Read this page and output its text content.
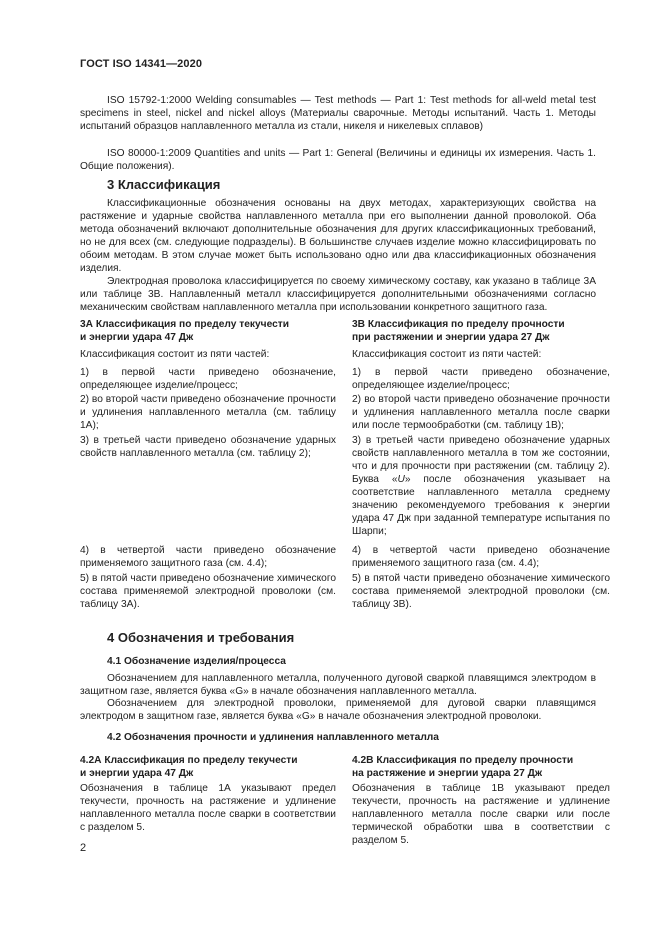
ГОСТ ISO 14341—2020
ISO 15792-1:2000 Welding consumables — Test methods — Part 1: Test methods for all-weld metal test specimens in steel, nickel and nickel alloys (Материалы сварочные. Методы испытаний. Часть 1. Методы испытаний образцов наплавленного металла из стали, никеля и никелевых сплавов)
ISO 80000-1:2009 Quantities and units — Part 1: General (Величины и единицы их измерения. Часть 1. Общие положения).
3 Классификация
Классификационные обозначения основаны на двух методах, характеризующих свойства на растяжение и ударные свойства наплавленного металла при его выполнении данной проволокой. Оба метода обозначений включают дополнительные обозначения для других классификационных требований, но не для всех (см. следующие подразделы). В большинстве случаев изделие можно классифицировать по обоим методам. В этом случае может быть использовано одно или два классификационных обозначения изделия.
Электродная проволока классифицируется по своему химическому составу, как указано в таблице 3А или таблице 3В. Наплавленный металл классифицируется дополнительными обозначениями согласно механическим свойствам наплавленного металла при использовании конкретного защитного газа.
3А Классификация по пределу текучести
и энергии удара 47 Дж
3В Классификация по пределу прочности
при растяжении и энергии удара 27 Дж
Классификация состоит из пяти частей:
1) в первой части приведено обозначение, определяющее изделие/процесс;
2) во второй части приведено обозначение прочности и удлинения наплавленного металла (см. таблицу 1А);
3) в третьей части приведено обозначение ударных свойств наплавленного металла (см. таблицу 2);
4) в четвертой части приведено обозначение применяемого защитного газа (см. 4.4);
5) в пятой части приведено обозначение химического состава применяемой электродной проволоки (см. таблицу 3А).
Классификация состоит из пяти частей:
1) в первой части приведено обозначение, определяющее изделие/процесс;
2) во второй части приведено обозначение прочности и удлинения наплавленного металла после сварки или после термообработки (см. таблицу 1В);
3) в третьей части приведено обозначение ударных свойств наплавленного металла в том же состоянии, что и для прочности при растяжении (см. таблицу 2). Буква «U» после обозначения указывает на соответствие наплавленного металла среднему значению рекомендуемого требования к энергии удара 47 Дж при заданной температуре испытания по Шарпи;
4) в четвертой части приведено обозначение применяемого защитного газа (см. 4.4);
5) в пятой части приведено обозначение химического состава применяемой электродной проволоки (см. таблицу 3В).
4 Обозначения и требования
4.1 Обозначение изделия/процесса
Обозначением для наплавленного металла, полученного дуговой сваркой плавящимся электродом в защитном газе, является буква «G» в начале обозначения наплавленного металла.
Обозначением для электродной проволоки, применяемой для дуговой сварки плавящимся электродом в защитном газе, является буква «G» в начале обозначения электродной проволоки.
4.2 Обозначения прочности и удлинения наплавленного металла
4.2А Классификация по пределу текучести
и энергии удара 47 Дж
4.2В Классификация по пределу прочности
на растяжение и энергии удара 27 Дж
Обозначения в таблице 1А указывают предел текучести, прочность на растяжение и удлинение наплавленного металла после сварки в соответствии с разделом 5.
Обозначения в таблице 1В указывают предел текучести, прочность на растяжение и удлинение наплавленного металла после сварки или после термической обработки шва в соответствии с разделом 5.
2
